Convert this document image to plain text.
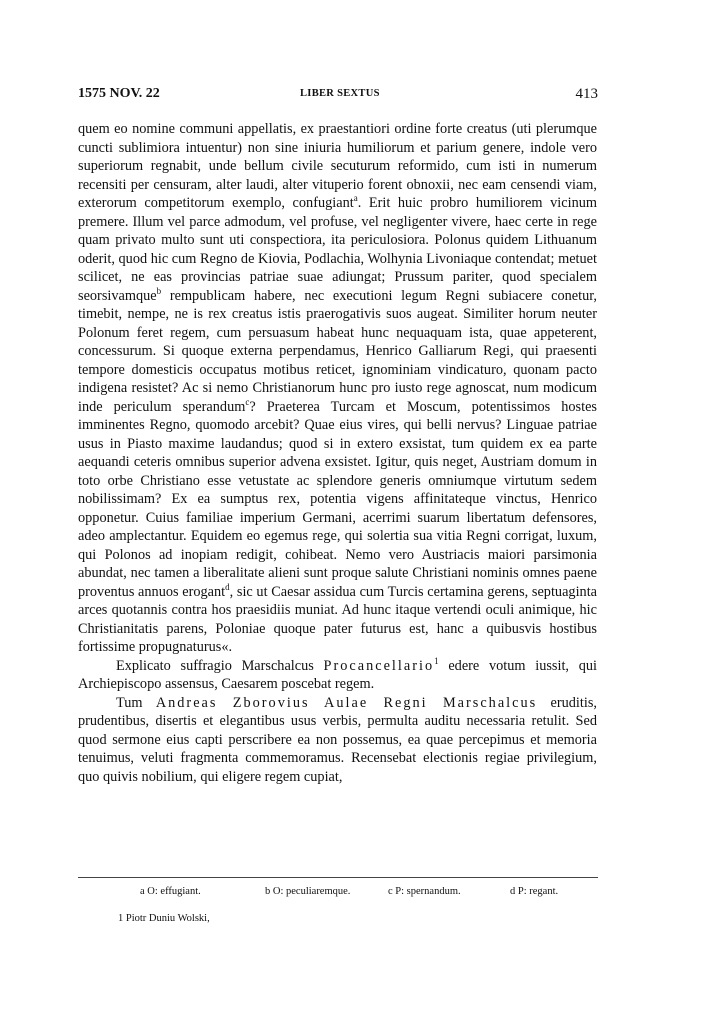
1575 NOV. 22	LIBER SEXTUS	413

quem eo nomine communi appellatis, ex praestantiori ordine forte creatus (uti plerumque cuncti sublimiora intuentur) non sine iniuria humiliorum et parium genere, indole vero superiorum regnabit, unde bellum civile secuturum reformido, cum isti in numerum recensiti per censuram, alter laudi, alter vituperio forent obnoxii, nec eam censendi viam, exterorum competitorum exemplo, confugiant$^a$. Erit huic probro humiliorem vicinum premere. Illum vel parce admodum, vel profuse, vel negligenter vivere, haec certe in rege quam privato multo sunt uti conspectiora, ita periculosiora. Polonus quidem Lithuanum oderit, quod hic cum Regno de Kiovia, Podlachia, Wolhynia Livoniaque contendat; metuet scilicet, ne eas provincias patriae suae adiungat; Prussum pariter, quod specialem seorsivamque$^b$ rempublicam habere, nec executioni legum Regni subiacere conetur, timebit, nempe, ne is rex creatus istis praerogativis suos augeat. Similiter horum neuter Polonum feret regem, cum persuasum habeat hunc nequaquam ista, quae appeterent, concessurum. Si quoque externa perpendamus, Henrico Galliarum Regi, qui praesenti tempore domesticis occupatus motibus reticet, ignominiam vindicaturo, quonam pacto indigena resistet? Ac si nemo Christianorum hunc pro iusto rege agnoscat, num modicum inde periculum sperandum$^c$? Praeterea Turcam et Moscum, potentissimos hostes imminentes Regno, quomodo arcebit? Quae eius vires, qui belli nervus? Linguae patriae usus in Piasto maxime laudandus; quod si in extero exsistat, tum quidem ex ea parte aequandi ceteris omnibus superior advena exsistet. Igitur, quis neget, Austriam domum in toto orbe Christiano esse vetustate ac splendore generis omniumque virtutum sedem nobilissimam? Ex ea sumptus rex, potentia vigens affinitateque vinctus, Henrico opponetur. Cuius familiae imperium Germani, acerrimi suarum libertatum defensores, adeo amplectantur. Equidem eo egemus rege, qui solertia sua vitia Regni corrigat, luxum, qui Polonos ad inopiam redigit, cohibeat. Nemo vero Austriacis maiori parsimonia abundat, nec tamen a liberalitate alieni sunt proque salute Christiani nominis omnes paene proventus annuos erogant$^d$, sic ut Caesar assidua cum Turcis certamina gerens, septuaginta arces quotannis contra hos praesidiis muniat. Ad hunc itaque vertendi oculi animique, hic Christianitatis parens, Poloniae quoque pater futurus est, hanc a quibusvis hostibus fortissime propugnaturus«.

Explicato suffragio Marschalcus Procancellario$^1$ edere votum iussit, qui Archiepiscopo assensus, Caesarem poscebat regem.

Tum Andreas Zborovius Aulae Regni Marschalcus eruditis, prudentibus, disertis et elegantibus usus verbis, permulta auditu necessaria retulit. Sed quod sermone eius capti perscribere ea non possemus, ea quae percepimus et memoria tenuimus, veluti fragmenta commemoramus. Recensebat electionis regiae privilegium, quo quivis nobilium, qui eligere regem cupiat,

a O: effugiant.	b O: peculiaremque.	c P: spernandum.	d P: regant.
1 Piotr Duniu Wolski,
